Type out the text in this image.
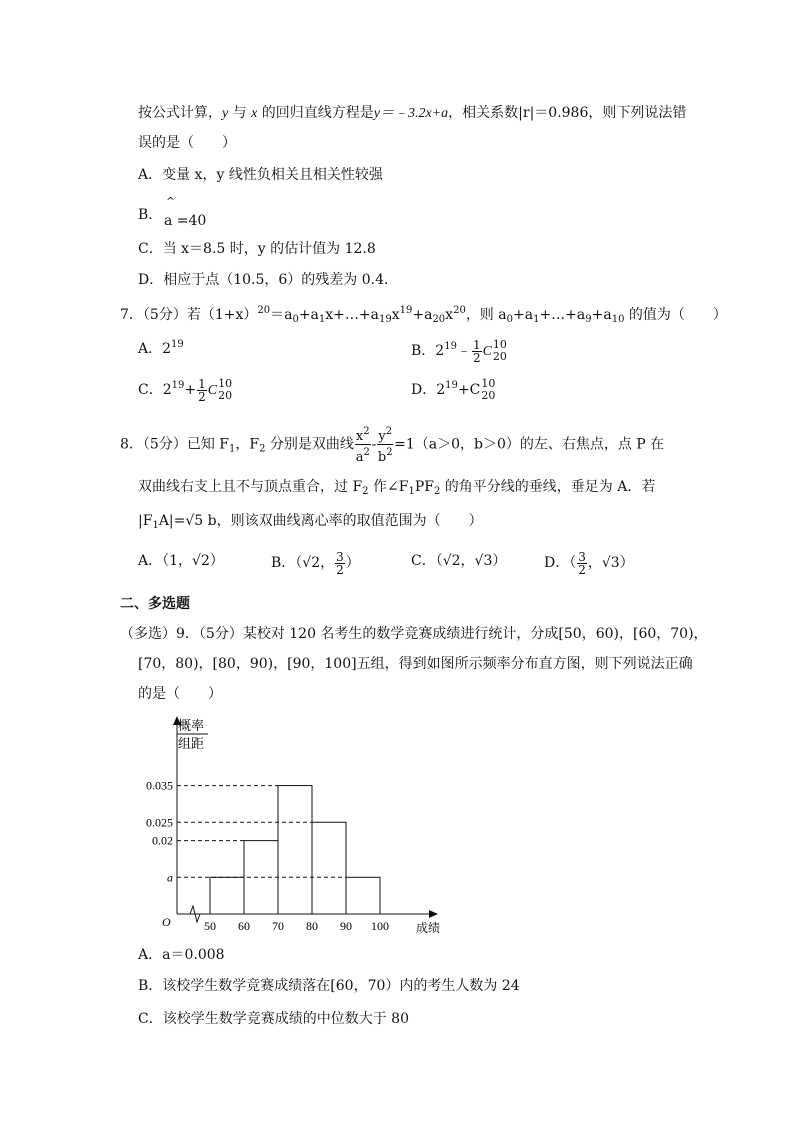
按公式计算，y 与 x 的回归直线方程是y＝﹣3.2x+a，相关系数|r|＝0.986，则下列说法错
误的是（　　）
A．变量 x，y 线性负相关且相关性较强
B．
^
a =40
C．当 x＝8.5 时，y 的估计值为 12.8
D．相应于点（10.5，6）的残差为 0.4．
7．（5分）若$(1+x)^{20}=a_0+a_1x+\dots+a_{19}x^{19}+a_{20}x^{20}$，则 $a_0+a_1+\dots+a_9+a_{10}$ 的值为（　　）
A．$2^{19}$	B．$2^{19}﹣ \frac{1}{2}$ C 10
20
C．$2^{19}+ \frac{1}{2}$ C 10
20	D．$2^{19}+C$ 10
20
8．（5分）已知 $F_1$，$F_2$ 分别是双曲线 $\frac{x^2}{a^2} - \frac{y^2}{b^2} =1(a>0$，b＞0）的左、右焦点，点 P 在
双曲线右支上且不与顶点重合，过 $F_2$ 作$\angle F_1PF_2$ 的角平分线的垂线，垂足为 A．若
$|F_1A|=√5$ b，则该双曲线离心率的取值范围为（　　）
A．（1，√2）	B．（√2， $\frac{3}{2}$ ）	C．（√2，√3）	D．（ $\frac{3}{2}$ ，√3）
二、多选题
（多选）9．（5分）某校对 120 名考生的数学竞赛成绩进行统计，分成[50，60)，[60，70)，
[70，80)，[80，90)，[90，100]五组，得到如图所示频率分布直方图，则下列说法正确
的是（　　）
概率
组距
O	成绩
a
0.02
0.025
0.035
50 60 70 80 90 100
A．a＝0.008
B．该校学生数学竞赛成绩落在[60，70）内的考生人数为 24
C．该校学生数学竞赛成绩的中位数大于 80
